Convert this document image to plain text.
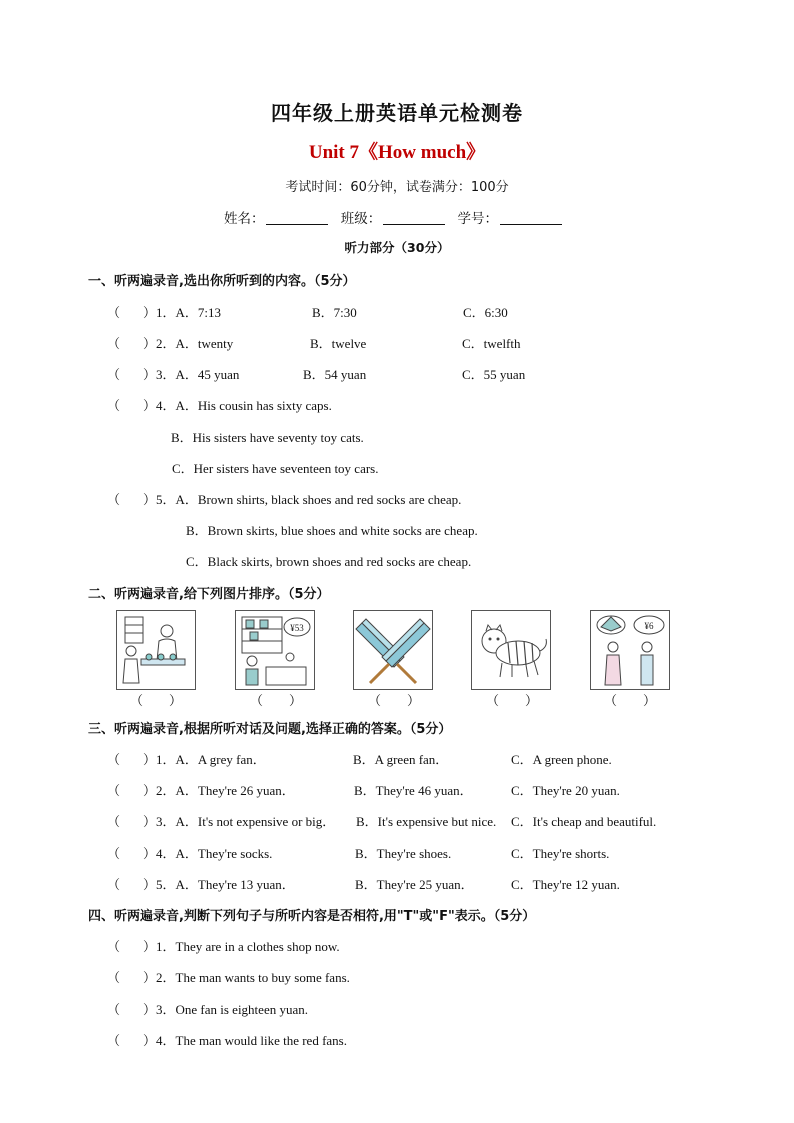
四年级上册英语单元检测卷
Unit 7《How much》
考试时间：60分钟，试卷满分：100分
姓名：	班级：	学号：
听力部分（30分）
一、听两遍录音,选出你所听到的内容。（5分）
（ ）1．A．7:13	B．7:30	C．6:30
（ ）2．A．twenty	B．twelve	C．twelfth
（ ）3．A．45 yuan	B．54 yuan	C．55 yuan
（ ）4．A．His cousin has sixty caps.
B．His sisters have seventy toy cats.
C．Her sisters have seventeen toy cars.
（ ）5．A．Brown shirts, black shoes and red socks are cheap.
B．Brown skirts, blue shoes and white socks are cheap.
C．Black skirts, brown shoes and red socks are cheap.
二、听两遍录音,给下列图片排序。（5分）
（　　）
¥53
（　　）	（　　）	（　　）
¥6
（　　）
三、听两遍录音,根据所听对话及问题,选择正确的答案。（5分）
（ ）1．A．A grey fan．	B．A green fan．	C．A green phone.
（ ）2．A．They're 26 yuan．	B．They're 46 yuan．	C．They're 20 yuan.
（ ）3．A．It's not expensive or big． B．It's expensive but nice. C．It's cheap and beautiful.
（ ）4．A．They're socks.	B．They're shoes.	C．They're shorts.
（ ）5．A．They're 13 yuan．	B．They're 25 yuan．	C．They're 12 yuan.
四、听两遍录音,判断下列句子与所听内容是否相符,用"T"或"F"表示。（5分）
（ ）1．They are in a clothes shop now.
（ ）2．The man wants to buy some fans.
（ ）3．One fan is eighteen yuan.
（ ）4．The man would like the red fans.
